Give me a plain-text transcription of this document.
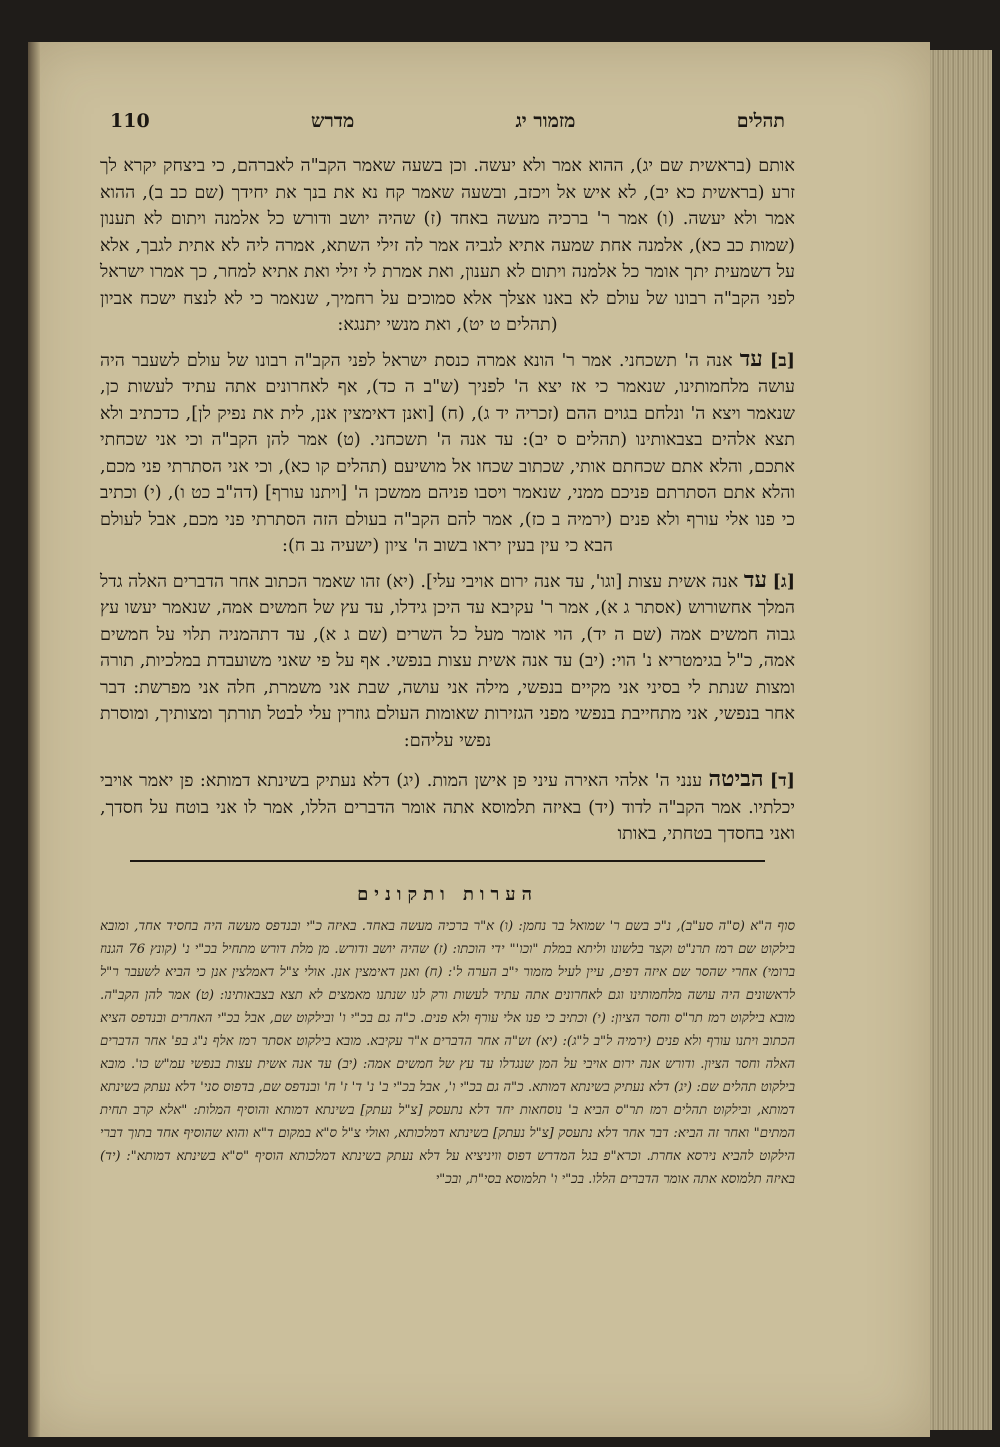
תהלים
מזמור יג
מדרש
110

אותם (בראשית שם יג), ההוא אמר ולא יעשה. וכן בשעה שאמר הקב"ה לאברהם, כי ביצחק יקרא לך זרע (בראשית כא יב), לא איש אל ויכזב, ובשעה שאמר קח נא את בנך את יחידך (שם כב ב), ההוא אמר ולא יעשה. (ו) אמר ר' ברכיה מעשה באחד (ז) שהיה יושב ודורש כל אלמנה ויתום לא תענון (שמות כב כא), אלמנה אחת שמעה אתיא לגביה אמר לה זילי השתא, אמרה ליה לא אתית לגבך, אלא על דשמעית יתך אומר כל אלמנה ויתום לא תענון, ואת אמרת לי זילי ואת אתיא למחר, כך אמרו ישראל לפני הקב"ה רבונו של עולם לא באנו אצלך אלא סמוכים על רחמיך, שנאמר כי לא לנצח ישכח אביון (תהלים ט יט), ואת מנשי יתנגא:

[ב] עד אנה ה' תשכחני. אמר ר' הונא אמרה כנסת ישראל לפני הקב"ה רבונו של עולם לשעבר היה עושה מלחמותינו, שנאמר כי אז יצא ה' לפניך (ש"ב ה כד), אף לאחרונים אתה עתיד לעשות כן, שנאמר ויצא ה' ונלחם בגוים ההם (זכריה יד ג), (ח) [ואנן דאימצין אנן, לית את נפיק לן], כדכתיב ולא תצא אלהים בצבאותינו (תהלים ס יב): עד אנה ה' תשכחני. (ט) אמר להן הקב"ה וכי אני שכחתי אתכם, והלא אתם שכחתם אותי, שכתוב שכחו אל מושיעם (תהלים קו כא), וכי אני הסתרתי פני מכם, והלא אתם הסתרתם פניכם ממני, שנאמר ויסבו פניהם ממשכן ה' [ויתנו עורף] (דה"ב כט ו), (י) וכתיב כי פנו אלי עורף ולא פנים (ירמיה ב כז), אמר להם הקב"ה בעולם הזה הסתרתי פני מכם, אבל לעולם הבא כי עין בעין יראו בשוב ה' ציון (ישעיה נב ח):

[ג] עד אנה אשית עצות [וגו', עד אנה ירום אויבי עלי]. (יא) זהו שאמר הכתוב אחר הדברים האלה גדל המלך אחשורוש (אסתר ג א), אמר ר' עקיבא עד היכן גידלו, עד עץ של חמשים אמה, שנאמר יעשו עץ גבוה חמשים אמה (שם ה יד), הוי אומר מעל כל השרים (שם ג א), עד דתהמניה תלוי על חמשים אמה, כ"ל בגימטריא נ' הוי: (יב) עד אנה אשית עצות בנפשי. אף על פי שאני משועבדת במלכיות, תורה ומצות שנתת לי בסיני אני מקיים בנפשי, מילה אני עושה, שבת אני משמרת, חלה אני מפרשת: דבר אחר בנפשי, אני מתחייבת בנפשי מפני הגזירות שאומות העולם גוזרין עלי לבטל תורתך ומצותיך, ומוסרת נפשי עליהם:

[ד] הביטה ענני ה' אלהי האירה עיני פן אישן המות. (יג) דלא נעתיק בשינתא דמותא: פן יאמר אויבי יכלתיו. אמר הקב"ה לדוד (יד) באיזה תלמוסא אתה אומר הדברים הללו, אמר לו אני בוטח על חסדך, ואני בחסדך בטחתי, באותו

הערות ותקונים

סוף ה"א (ס"ה סע"ב), נ"כ בשם ר' שמואל בר נחמן: (ו) א"ר ברכיה מעשה באחד. באיזה כ"י ובנדפס מעשה היה בחסיד אחד, ומובא בילקוט שם רמז תרנ"ט וקצר בלשונו וליתא במלת "וכו'" ידי הוכתו: (ז) שהיה יושב ודורש. מן מלת דורש מתחיל בכ"י נ' (קונץ 76 הגנוז ברומי) אחרי שהסר שם איזה דפים, עיין לעיל מזמור י"ב הערה ל': (ח) ואנן דאימצין אנן. אולי צ"ל דאמלצין אנן כי הביא לשעבר ר"ל לראשונים היה עושה מלחמותינו וגם לאחרונים אתה עתיד לעשות ורק לנו שנתנו מאמצים לא תצא בצבאותינו: (ט) אמר להן הקב"ה. מובא בילקוט רמז תר"ס וחסר הציון: (י) וכתיב כי פנו אלי עורף ולא פנים. כ"ה גם בכ"י ו' ובילקוט שם, אבל בכ"י האחרים ובנדפס הציא הכתוב ויתנו עורף ולא פנים (ירמיה ל"ב ל"ג): (יא) זש"ה אחר הדברים א"ר עקיבא. מובא בילקוט אסתר רמז אלף נ"ג בפ' אחר הדברים האלה וחסר הציון. ודורש אנה ירום אויבי על המן שנגדלו עד עץ של חמשים אמה: (יב) עד אנה אשית עצות בנפשי עמ"ש כו'. מובא בילקוט תהלים שם: (יג) דלא נעתיק בשינתא דמותא. כ"ה גם בכ"י ו', אבל בכ"י ב' נ' ד' ז' ח' ובנדפס שם, בדפוס סני' דלא נעתק בשינתא דמותא, ובילקוט תהלים רמז תר"ס הביא ב' נוסחאות יחד דלא נתעסק [צ"ל נעתק] בשינתא דמותא והוסיף המלות: "אלא קרב תחית המתים" ואחר זה הביא: דבר אחר דלא נתעסק [צ"ל נעתק] בשינתא דמלכותא, ואולי צ"ל ס"א במקום ד"א והוא שהוסיף אחד בתוך דברי הילקוט להביא נירסא אחרת. וכרא"פ בגל המדרש דפוס וויניציא על דלא נעתק בשינתא דמלכותא הוסיף "ס"א בשינתא דמותא": (יד) באיזה תלמוסא אתה אומר הדברים הללו. בכ"י ו' תלמוסא בסי"ת, ובכ"י
